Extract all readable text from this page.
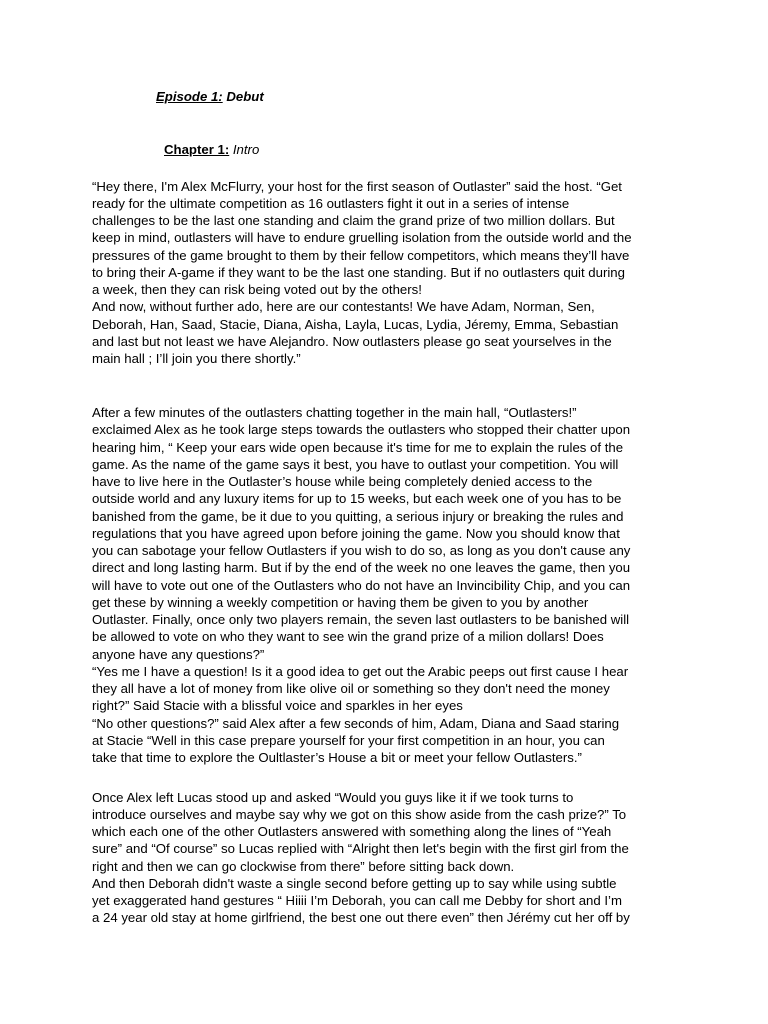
Episode 1: Debut
Chapter 1: Intro
“Hey there, I'm Alex McFlurry, your host for the first season of Outlaster” said the host. “Get
ready for the ultimate competition as 16 outlasters fight it out in a series of intense
challenges to be the last one standing and claim the grand prize of two million dollars. But
keep in mind, outlasters will have to endure gruelling isolation from the outside world and the
pressures of the game brought to them by their fellow competitors, which means they’ll have
to bring their A-game if they want to be the last one standing. But if no outlasters quit during
a week, then they can risk being voted out by the others!
And now, without further ado, here are our contestants! We have Adam, Norman, Sen,
Deborah, Han, Saad, Stacie, Diana, Aisha, Layla, Lucas, Lydia, Jéremy, Emma, Sebastian
and last but not least we have Alejandro. Now outlasters please go seat yourselves in the
main hall ; I’ll join you there shortly.”
After a few minutes of the outlasters chatting together in the main hall, “Outlasters!”
exclaimed Alex as he took large steps towards the outlasters who stopped their chatter upon
hearing him, “ Keep your ears wide open because it's time for me to explain the rules of the
game. As the name of the game says it best, you have to outlast your competition. You will
have to live here in the Outlaster’s house while being completely denied access to the
outside world and any luxury items for up to 15 weeks, but each week one of you has to be
banished from the game, be it due to you quitting, a serious injury or breaking the rules and
regulations that you have agreed upon before joining the game. Now you should know that
you can sabotage your fellow Outlasters if you wish to do so, as long as you don't cause any
direct and long lasting harm. But if by the end of the week no one leaves the game, then you
will have to vote out one of the Outlasters who do not have an Invincibility Chip, and you can
get these by winning a weekly competition or having them be given to you by another
Outlaster. Finally, once only two players remain, the seven last outlasters to be banished will
be allowed to vote on who they want to see win the grand prize of a milion dollars! Does
anyone have any questions?”
“Yes me I have a question! Is it a good idea to get out the Arabic peeps out first cause I hear
they all have a lot of money from like olive oil or something so they don't need the money
right?” Said Stacie with a blissful voice and sparkles in her eyes
“No other questions?” said Alex after a few seconds of him, Adam, Diana and Saad staring
at Stacie “Well in this case prepare yourself for your first competition in an hour, you can
take that time to explore the Oultlaster’s House a bit or meet your fellow Outlasters.”
Once Alex left Lucas stood up and asked “Would you guys like it if we took turns to
introduce ourselves and maybe say why we got on this show aside from the cash prize?” To
which each one of the other Outlasters answered with something along the lines of “Yeah
sure” and “Of course” so Lucas replied with “Alright then let's begin with the first girl from the
right and then we can go clockwise from there” before sitting back down.
And then Deborah didn't waste a single second before getting up to say while using subtle
yet exaggerated hand gestures “ Hiiii I’m Deborah, you can call me Debby for short and I’m
a 24 year old stay at home girlfriend, the best one out there even” then Jérémy cut her off by
